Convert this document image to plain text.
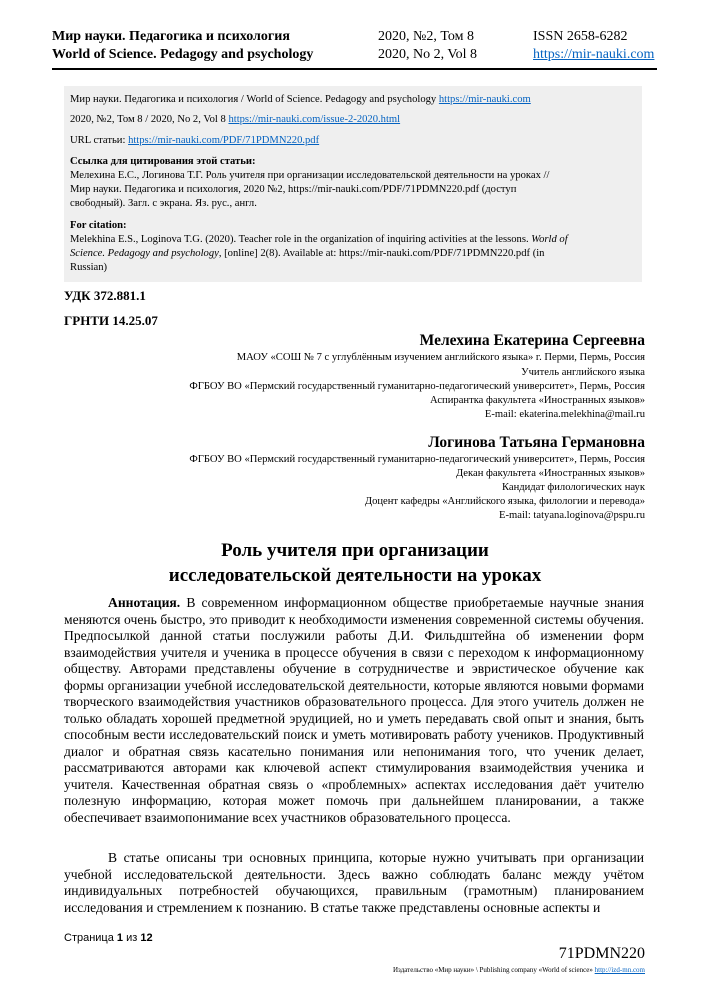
Мир науки. Педагогика и психология
World of Science. Pedagogy and psychology
2020, №2, Том 8
2020, No 2, Vol 8
ISSN 2658-6282
https://mir-nauki.com
Мир науки. Педагогика и психология / World of Science. Pedagogy and psychology https://mir-nauki.com
2020, №2, Том 8 / 2020, No 2, Vol 8 https://mir-nauki.com/issue-2-2020.html
URL статьи: https://mir-nauki.com/PDF/71PDMN220.pdf
Ссылка для цитирования этой статьи:
Мелехина Е.С., Логинова Т.Г. Роль учителя при организации исследовательской деятельности на уроках //
Мир науки. Педагогика и психология, 2020 №2, https://mir-nauki.com/PDF/71PDMN220.pdf (доступ
свободный). Загл. с экрана. Яз. рус., англ.
For citation:
Melekhina E.S., Loginova T.G. (2020). Teacher role in the organization of inquiring activities at the lessons. World of
Science. Pedagogy and psychology, [online] 2(8). Available at: https://mir-nauki.com/PDF/71PDMN220.pdf (in
Russian)
УДК 372.881.1
ГРНТИ 14.25.07
Мелехина Екатерина Сергеевна
МАОУ «СОШ № 7 с углублённым изучением английского языка» г. Перми, Пермь, Россия
Учитель английского языка
ФГБОУ ВО «Пермский государственный гуманитарно-педагогический университет», Пермь, Россия
Аспирантка факультета «Иностранных языков»
E-mail: ekaterina.melekhina@mail.ru
Логинова Татьяна Германовна
ФГБОУ ВО «Пермский государственный гуманитарно-педагогический университет», Пермь, Россия
Декан факультета «Иностранных языков»
Кандидат филологических наук
Доцент кафедры «Английского языка, филологии и перевода»
E-mail: tatyana.loginova@pspu.ru
Роль учителя при организации
исследовательской деятельности на уроках
Аннотация. В современном информационном обществе приобретаемые научные знания меняются очень быстро, это приводит к необходимости изменения современной системы обучения. Предпосылкой данной статьи послужили работы Д.И. Фильдштейна об изменении форм взаимодействия учителя и ученика в процессе обучения в связи с переходом к информационному обществу. Авторами представлены обучение в сотрудничестве и эвристическое обучение как формы организации учебной исследовательской деятельности, которые являются новыми формами творческого взаимодействия участников образовательного процесса. Для этого учитель должен не только обладать хорошей предметной эрудицией, но и уметь передавать свой опыт и знания, быть способным вести исследовательский поиск и уметь мотивировать работу учеников. Продуктивный диалог и обратная связь касательно понимания или непонимания того, что ученик делает, рассматриваются авторами как ключевой аспект стимулирования взаимодействия ученика и учителя. Качественная обратная связь о «проблемных» аспектах исследования даёт учителю полезную информацию, которая может помочь при дальнейшем планировании, а также обеспечивает взаимопонимание всех участников образовательного процесса.
В статье описаны три основных принципа, которые нужно учитывать при организации учебной исследовательской деятельности. Здесь важно соблюдать баланс между учётом индивидуальных потребностей обучающихся, правильным (грамотным) планированием исследования и стремлением к познанию. В статье также представлены основные аспекты и
Страница 1 из 12
71PDMN220
Издательство «Мир науки» \ Publishing company «World of science» http://izd-mn.com
